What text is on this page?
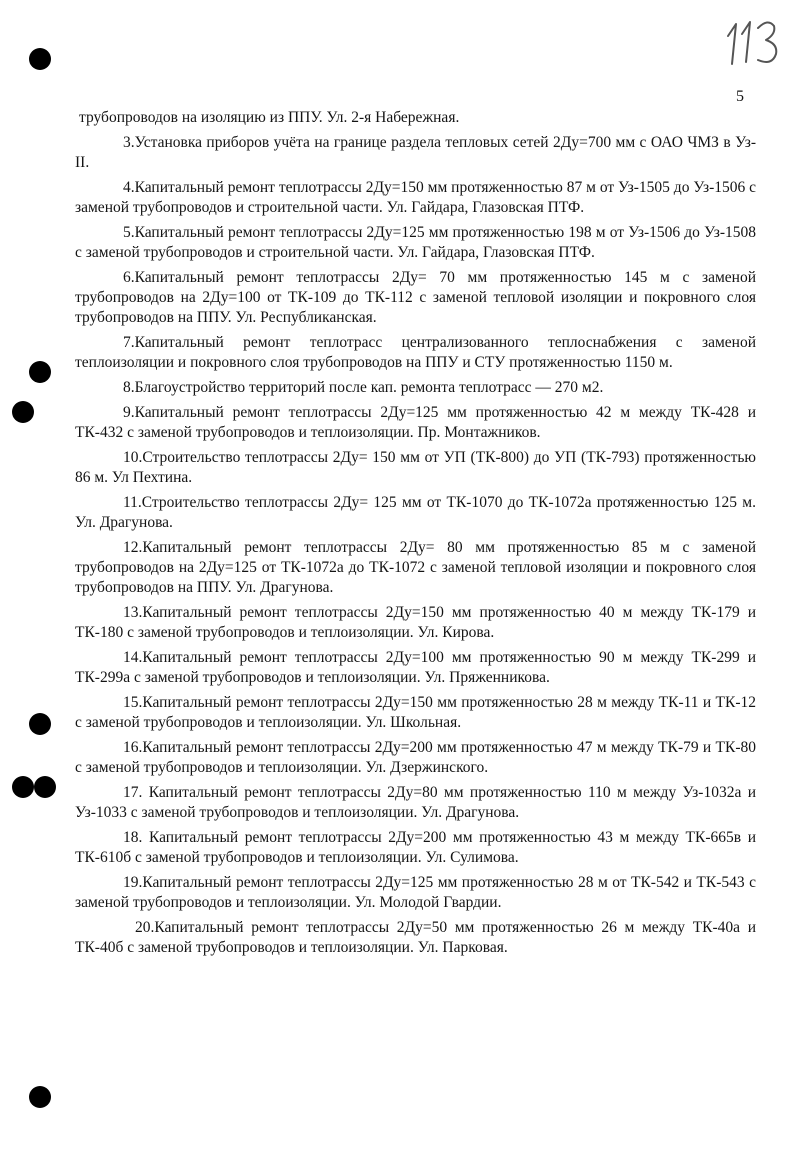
5

трубопроводов на изоляцию из ППУ. Ул. 2-я Набережная.

3.Установка приборов учёта на границе раздела тепловых сетей 2Ду=700 мм с ОАО ЧМЗ в Уз-II.

4.Капитальный ремонт теплотрассы 2Ду=150 мм протяженностью 87 м от Уз-1505 до Уз-1506 с заменой трубопроводов и строительной части. Ул. Гайдара, Глазовская ПТФ.

5.Капитальный ремонт теплотрассы 2Ду=125 мм протяженностью 198 м от Уз-1506 до Уз-1508 с заменой трубопроводов и строительной части. Ул. Гайдара, Глазовская ПТФ.

6.Капитальный ремонт теплотрассы 2Ду= 70 мм протяженностью 145 м с заменой трубопроводов на 2Ду=100 от ТК-109 до ТК-112 с заменой тепловой изоляции и покровного слоя трубопроводов на ППУ. Ул. Республиканская.

7.Капитальный ремонт теплотрасс централизованного теплоснабжения с заменой теплоизоляции и покровного слоя трубопроводов на ППУ и СТУ протяженностью 1150 м.

8.Благоустройство территорий после кап. ремонта теплотрасс — 270 м2.

9.Капитальный ремонт теплотрассы 2Ду=125 мм протяженностью 42 м между ТК-428 и ТК-432 с заменой трубопроводов и теплоизоляции. Пр. Монтажников.

10.Строительство теплотрассы 2Ду= 150 мм от УП (ТК-800) до УП (ТК-793) протяженностью 86 м. Ул Пехтина.

11.Строительство теплотрассы 2Ду= 125 мм от ТК-1070 до ТК-1072а протяженностью 125 м. Ул. Драгунова.

12.Капитальный ремонт теплотрассы 2Ду= 80 мм протяженностью 85 м с заменой трубопроводов на 2Ду=125 от ТК-1072а до ТК-1072 с заменой тепловой изоляции и покровного слоя трубопроводов на ППУ. Ул. Драгунова.

13.Капитальный ремонт теплотрассы 2Ду=150 мм протяженностью 40 м между ТК-179 и ТК-180 с заменой трубопроводов и теплоизоляции. Ул. Кирова.

14.Капитальный ремонт теплотрассы 2Ду=100 мм протяженностью 90 м между ТК-299 и ТК-299а с заменой трубопроводов и теплоизоляции. Ул. Пряженникова.

15.Капитальный ремонт теплотрассы 2Ду=150 мм протяженностью 28 м между ТК-11 и ТК-12 с заменой трубопроводов и теплоизоляции. Ул. Школьная.

16.Капитальный ремонт теплотрассы 2Ду=200 мм протяженностью 47 м между ТК-79 и ТК-80 с заменой трубопроводов и теплоизоляции. Ул. Дзержинского.

17. Капитальный ремонт теплотрассы 2Ду=80 мм протяженностью 110 м между Уз-1032а и Уз-1033 с заменой трубопроводов и теплоизоляции. Ул. Драгунова.

18. Капитальный ремонт теплотрассы 2Ду=200 мм протяженностью 43 м между ТК-665в и ТК-610б с заменой трубопроводов и теплоизоляции. Ул. Сулимова.

19.Капитальный ремонт теплотрассы 2Ду=125 мм протяженностью 28 м от ТК-542 и ТК-543 с заменой трубопроводов и теплоизоляции. Ул. Молодой Гвардии.

20.Капитальный ремонт теплотрассы 2Ду=50 мм протяженностью 26 м между ТК-40а и ТК-40б с заменой трубопроводов и теплоизоляции. Ул. Парковая.
